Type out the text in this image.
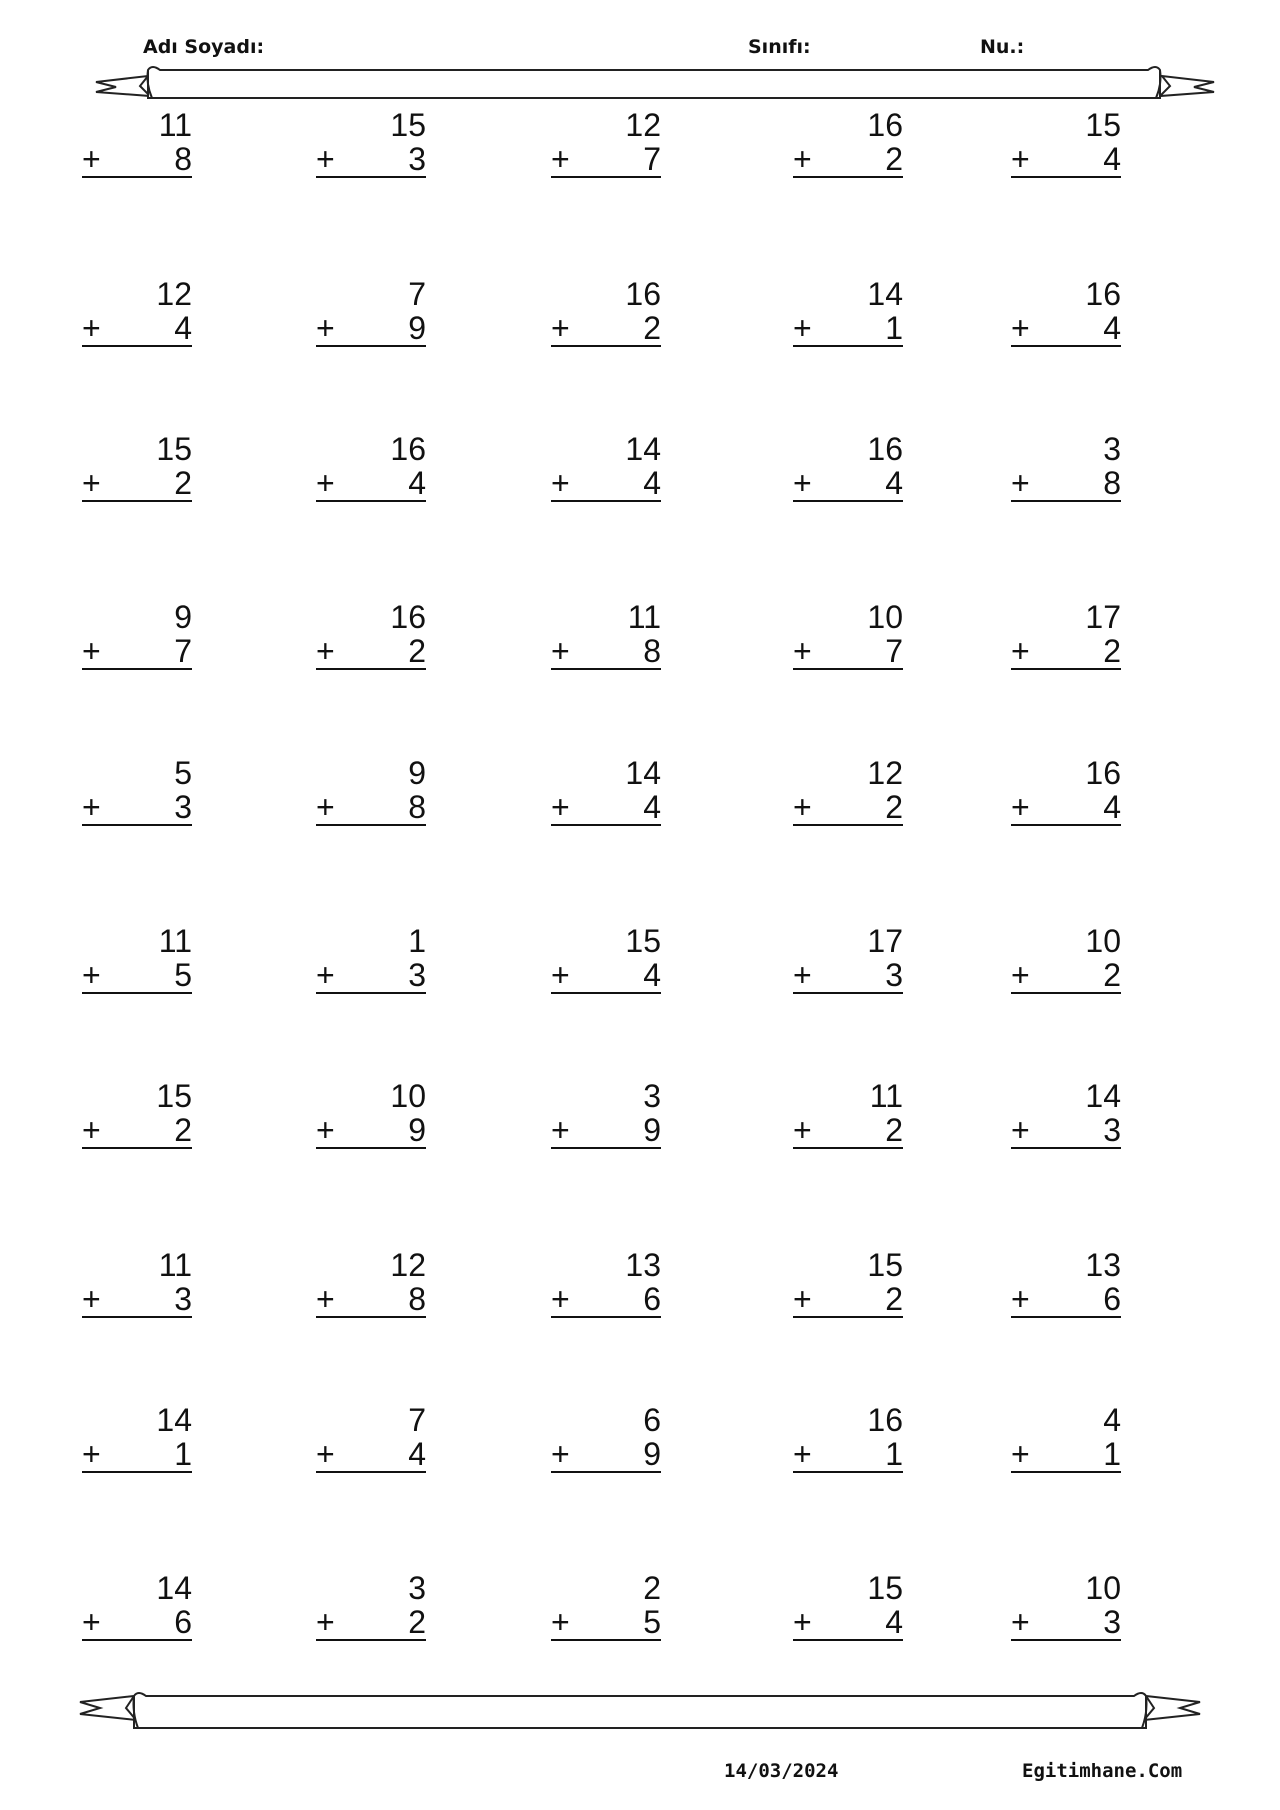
Adı Soyadı:	Sınıfı:	Nu.:
11
+ 8
15
+ 3
12
+ 7
16
+ 2
15
+ 4
12
+ 4
7
+ 9
16
+ 2
14
+ 1
16
+ 4
15
+ 2
16
+ 4
14
+ 4
16
+ 4
3
+ 8
9
+ 7
16
+ 2
11
+ 8
10
+ 7
17
+ 2
5
+ 3
9
+ 8
14
+ 4
12
+ 2
16
+ 4
11
+ 5
1
+ 3
15
+ 4
17
+ 3
10
+ 2
15
+ 2
10
+ 9
3
+ 9
11
+ 2
14
+ 3
11
+ 3
12
+ 8
13
+ 6
15
+ 2
13
+ 6
14
+ 1
7
+ 4
6
+ 9
16
+ 1
4
+ 1
14
+ 6
3
+ 2
2
+ 5
15
+ 4
10
+ 3
14/03/2024	Egitimhane.Com
